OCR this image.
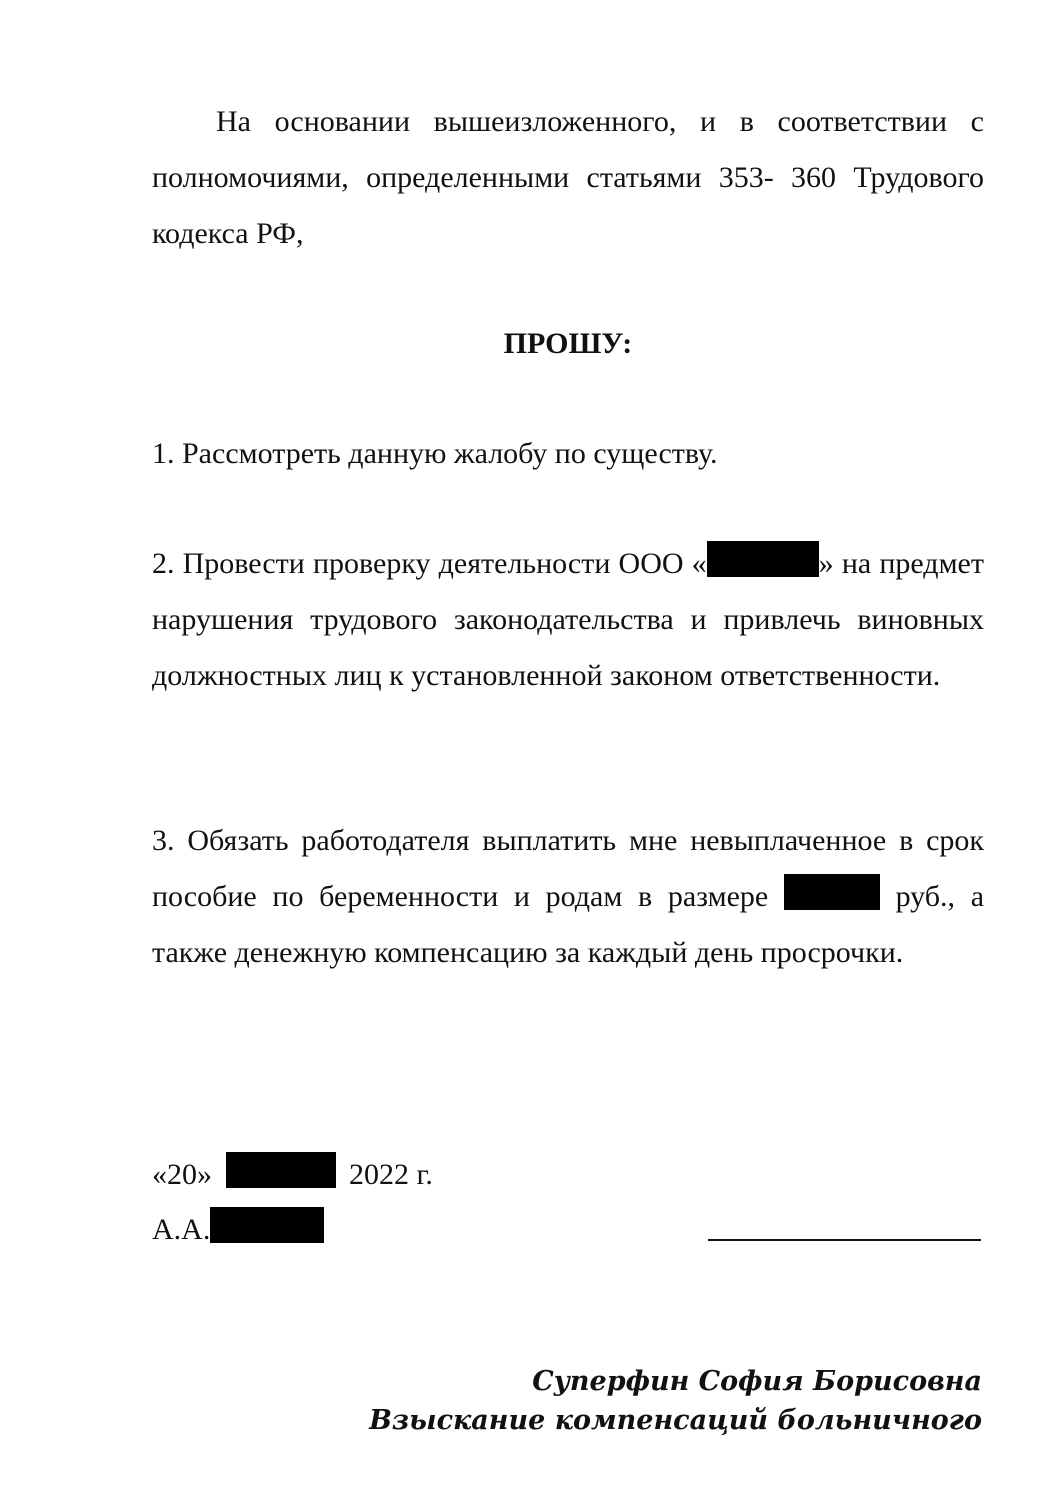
На основании вышеизложенного, и в соответствии с полномочиями, определенными статьями 353- 360 Трудового кодекса РФ,

ПРОШУ:

1. Рассмотреть данную жалобу по существу.

2. Провести проверку деятельности ООО «	» на предмет нарушения трудового законодательства и привлечь виновных должностных лиц к установленной законом ответственности.

3. Обязать работодателя выплатить мне невыплаченное в срок пособие по беременности и родам в размере	руб., а также денежную компенсацию за каждый день просрочки.

«20»	2022 г.
А.А.
Суперфин София Борисовна
Взыскание компенсаций больничного
